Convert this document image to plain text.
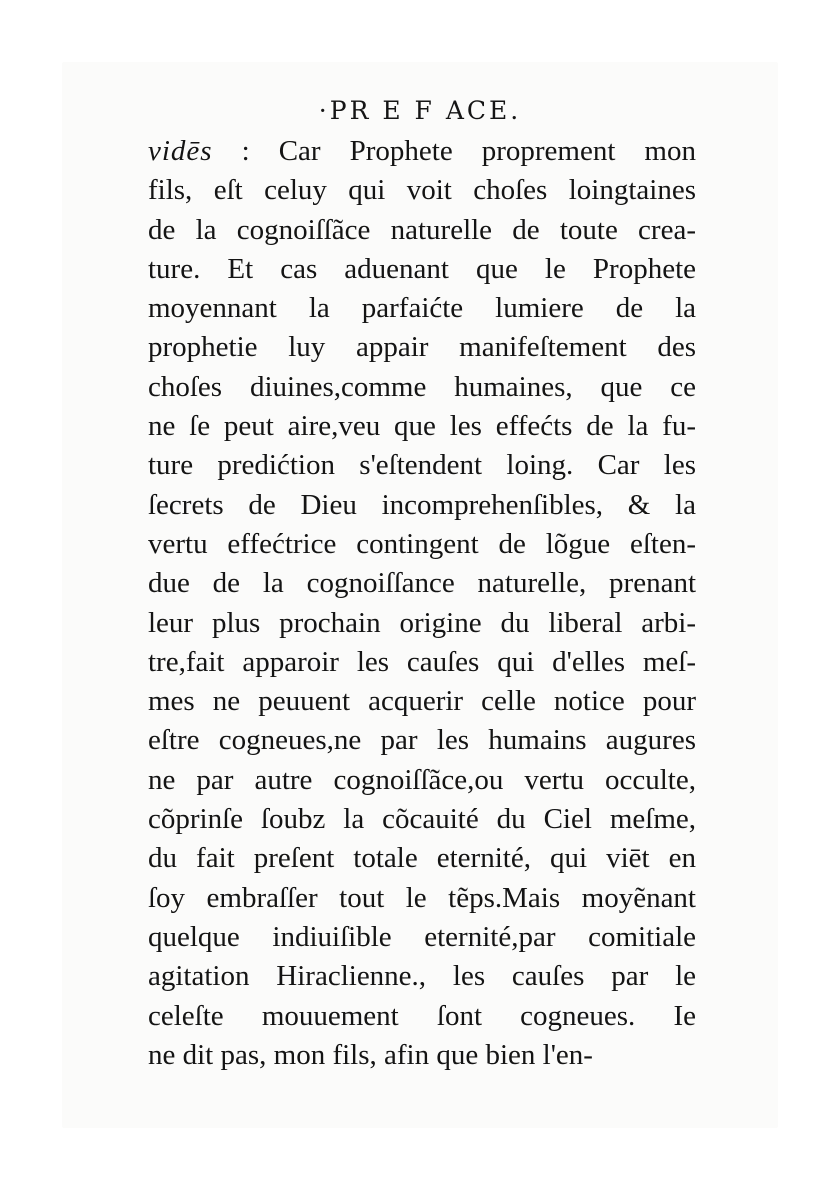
·PR E F ACE.
vidēs : Car Prophete proprement mon
fils, eſt celuy qui voit choſes loingtaines
de la cognoiſſãce naturelle de toute crea-
ture. Et cas aduenant que le Prophete
moyennant la parfaićte lumiere de la
prophetie luy appair manifeſtement des
choſes diuines,comme humaines, que ce
ne ſe peut aire,veu que les effećts de la fu-
ture predićtion s'eſtendent loing. Car les
ſecrets de Dieu incomprehenſibles, & la
vertu effećtrice contingent de lõgue eſten-
due de la cognoiſſance naturelle, prenant
leur plus prochain origine du liberal arbi-
tre,fait apparoir les cauſes qui d'elles meſ-
mes ne peuuent acquerir celle notice pour
eſtre cogneues,ne par les humains augures
ne par autre cognoiſſãce,ou vertu occulte,
cõprinſe ſoubz la cõcauité du Ciel meſme,
du fait preſent totale eternité, qui viēt en
ſoy embraſſer tout le tẽps.Mais moyẽnant
quelque indiuiſible eternité,par comitiale
agitation Hiraclienne., les cauſes par le
celeſte mouuement ſont cogneues. Ie
ne dit pas, mon fils, afin que bien l'en-
